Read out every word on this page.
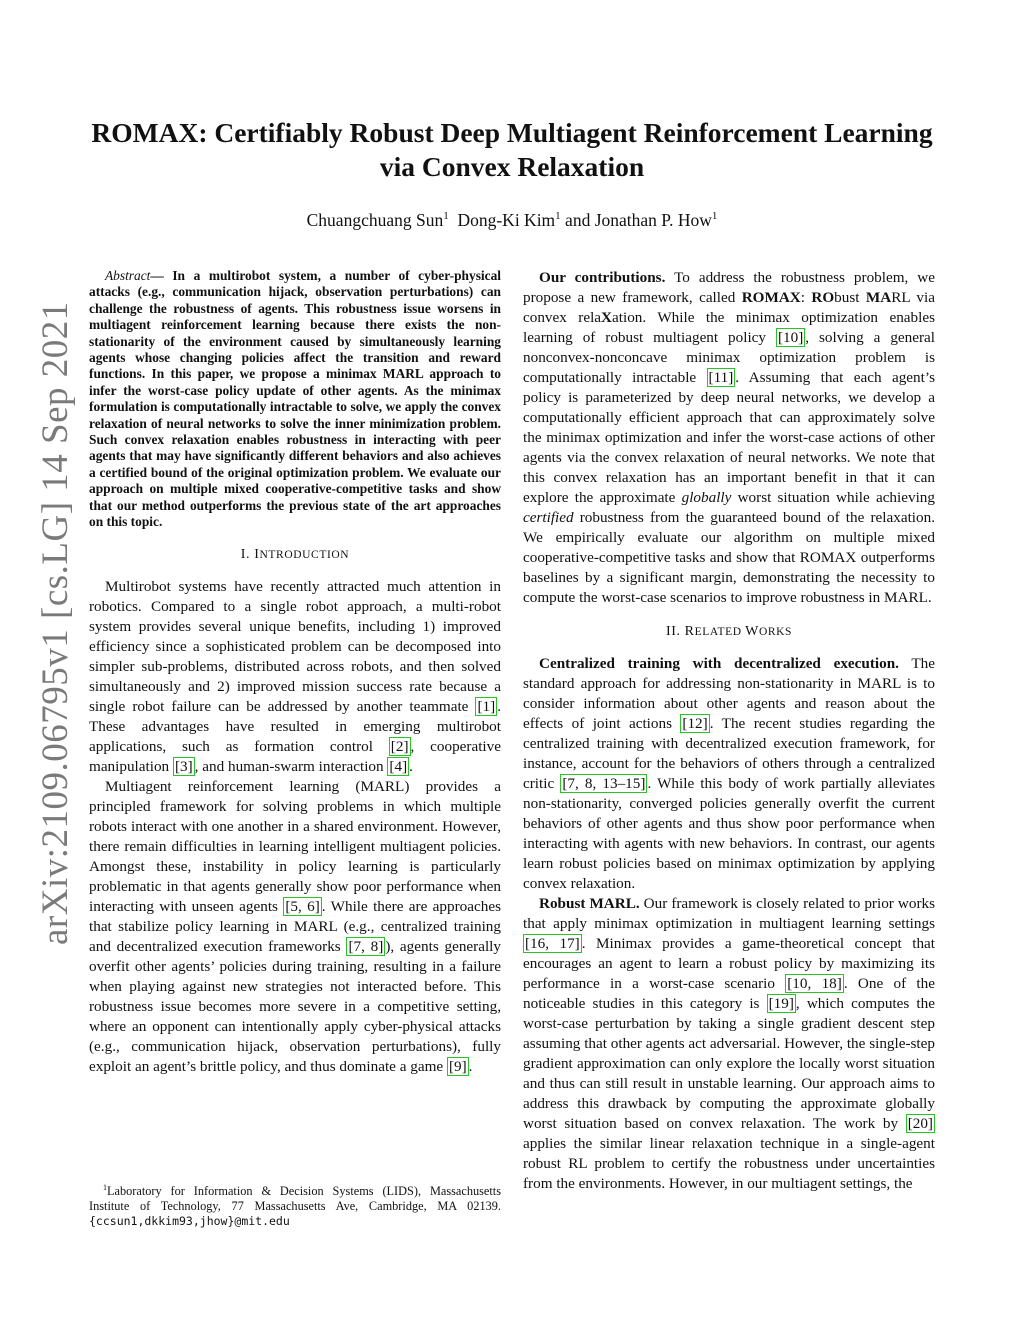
arXiv:2109.06795v1 [cs.LG] 14 Sep 2021
ROMAX: Certifiably Robust Deep Multiagent Reinforcement Learning
via Convex Relaxation
Chuangchuang Sun$^1$ Dong-Ki Kim$^1$ and Jonathan P. How$^1$

Abstract— In a multirobot system, a number of cyber-physical attacks (e.g., communication hijack, observation perturbations) can challenge the robustness of agents. This robustness issue worsens in multiagent reinforcement learning because there exists the non-stationarity of the environment caused by simultaneously learning agents whose changing policies affect the transition and reward functions. In this paper, we propose a minimax MARL approach to infer the worst-case policy update of other agents. As the minimax formulation is computationally intractable to solve, we apply the convex relaxation of neural networks to solve the inner minimization problem. Such convex relaxation enables robustness in interacting with peer agents that may have significantly different behaviors and also achieves a certified bound of the original optimization problem. We evaluate our approach on multiple mixed cooperative-competitive tasks and show that our method outperforms the previous state of the art approaches on this topic.

I. INTRODUCTION

Multirobot systems have recently attracted much attention in robotics. Compared to a single robot approach, a multi-robot system provides several unique benefits, including 1) improved efficiency since a sophisticated problem can be decomposed into simpler sub-problems, distributed across robots, and then solved simultaneously and 2) improved mission success rate because a single robot failure can be addressed by another teammate [1] . These advantages have resulted in emerging multirobot applications, such as formation control [2] , cooperative manipulation [3] , and human-swarm interaction [4] .

Multiagent reinforcement learning (MARL) provides a principled framework for solving problems in which multiple robots interact with one another in a shared environment. However, there remain difficulties in learning intelligent multiagent policies. Amongst these, instability in policy learning is particularly problematic in that agents generally show poor performance when interacting with unseen agents [5, 6] . While there are approaches that stabilize policy learning in MARL (e.g., centralized training and decentralized execution frameworks [7, 8] ), agents generally overfit other agents’ policies during training, resulting in a failure when playing against new strategies not interacted before. This robustness issue becomes more severe in a competitive setting, where an opponent can intentionally apply cyber-physical attacks (e.g., communication hijack, observation perturbations), fully exploit an agent’s brittle policy, and thus dominate a game [9] .

$^1$Laboratory for Information & Decision Systems (LIDS), Massachusetts Institute of Technology, 77 Massachusetts Ave, Cambridge, MA 02139. {ccsun1,dkkim93,jhow}@mit.edu

Our contributions. To address the robustness problem, we propose a new framework, called ROMAX: RObust MARL via convex relaXation. While the minimax optimization enables learning of robust multiagent policy [10] , solving a general nonconvex-nonconcave minimax optimization problem is computationally intractable [11] . Assuming that each agent’s policy is parameterized by deep neural networks, we develop a computationally efficient approach that can approximately solve the minimax optimization and infer the worst-case actions of other agents via the convex relaxation of neural networks. We note that this convex relaxation has an important benefit in that it can explore the approximate globally worst situation while achieving certified robustness from the guaranteed bound of the relaxation. We empirically evaluate our algorithm on multiple mixed cooperative-competitive tasks and show that ROMAX outperforms baselines by a significant margin, demonstrating the necessity to compute the worst-case scenarios to improve robustness in MARL.

II. RELATED WORKS

Centralized training with decentralized execution. The standard approach for addressing non-stationarity in MARL is to consider information about other agents and reason about the effects of joint actions [12] . The recent studies regarding the centralized training with decentralized execution framework, for instance, account for the behaviors of others through a centralized critic [7, 8, 13–15] . While this body of work partially alleviates non-stationarity, converged policies generally overfit the current behaviors of other agents and thus show poor performance when interacting with agents with new behaviors. In contrast, our agents learn robust policies based on minimax optimization by applying convex relaxation.

Robust MARL. Our framework is closely related to prior works that apply minimax optimization in multiagent learning settings [16, 17] . Minimax provides a game-theoretical concept that encourages an agent to learn a robust policy by maximizing its performance in a worst-case scenario [10, 18] . One of the noticeable studies in this category is [19] , which computes the worst-case perturbation by taking a single gradient descent step assuming that other agents act adversarial. However, the single-step gradient approximation can only explore the locally worst situation and thus can still result in unstable learning. Our approach aims to address this drawback by computing the approximate globally worst situation based on convex relaxation. The work by [20] applies the similar linear relaxation technique in a single-agent robust RL problem to certify the robustness under uncertainties from the environments. However, in our multiagent settings, the
